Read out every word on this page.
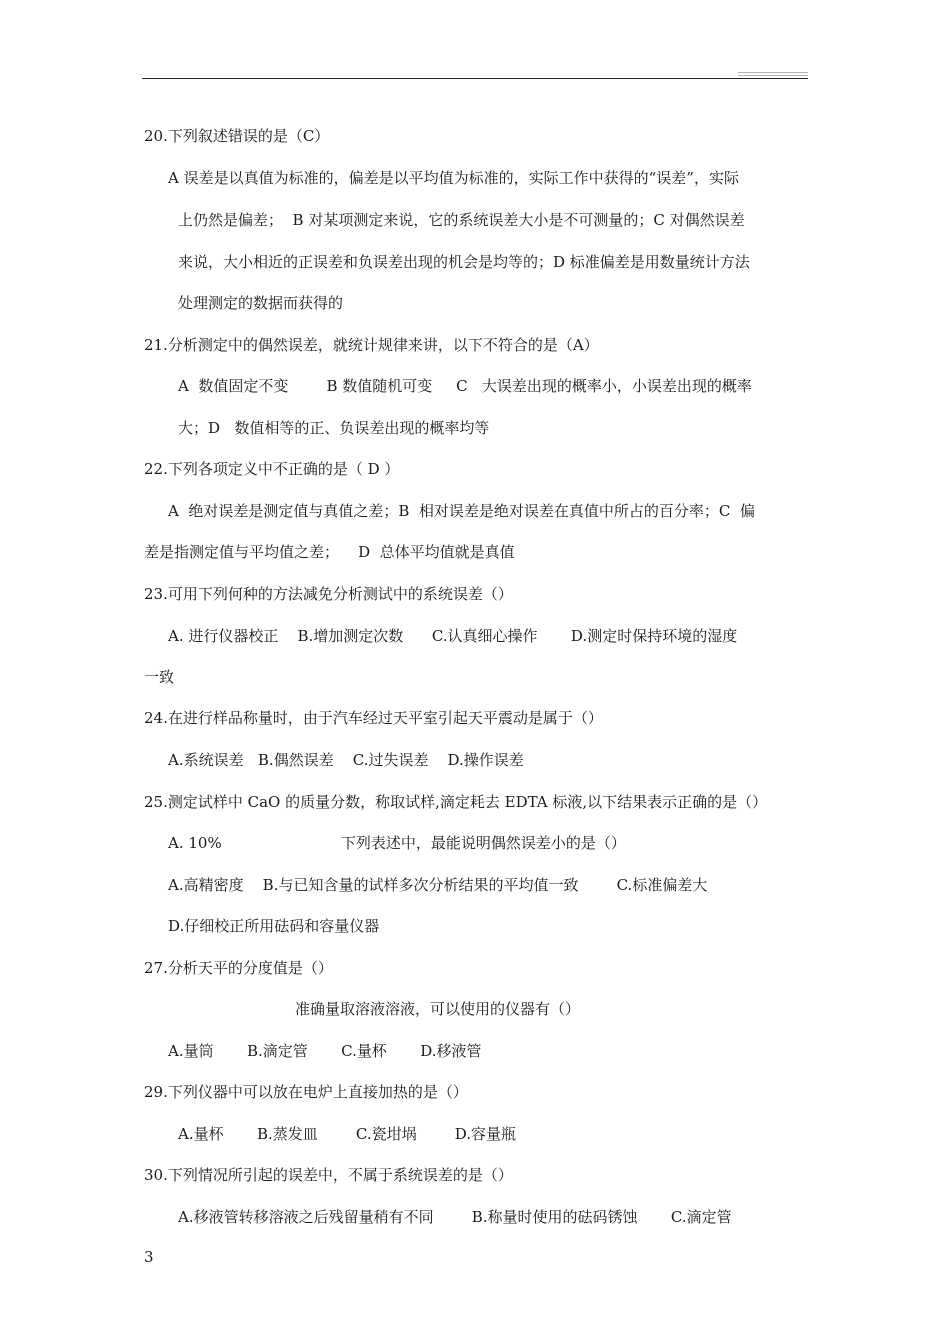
20.下列叙述错误的是（C）
A 误差是以真值为标准的，偏差是以平均值为标准的，实际工作中获得的“误差”，实际
上仍然是偏差；  B 对某项测定来说，它的系统误差大小是不可测量的；C 对偶然误差
来说，大小相近的正误差和负误差出现的机会是均等的；D 标准偏差是用数量统计方法
处理测定的数据而获得的
21.分析测定中的偶然误差，就统计规律来讲，以下不符合的是（A）
A  数值固定不变        B 数值随机可变     C   大误差出现的概率小，小误差出现的概率
大；D   数值相等的正、负误差出现的概率均等
22.下列各项定义中不正确的是（ D ）
A  绝对误差是测定值与真值之差；B  相对误差是绝对误差在真值中所占的百分率；C  偏
差是指测定值与平均值之差；    D  总体平均值就是真值
23.可用下列何种的方法减免分析测试中的系统误差（）
A. 进行仪器校正    B.增加测定次数      C.认真细心操作       D.测定时保持环境的湿度
一致
24.在进行样品称量时，由于汽车经过天平室引起天平震动是属于（）
A.系统误差   B.偶然误差    C.过失误差    D.操作误差
25.测定试样中 CaO 的质量分数，称取试样,滴定耗去 EDTA 标液,以下结果表示正确的是（）
A. 10%                         下列表述中，最能说明偶然误差小的是（）
A.高精密度    B.与已知含量的试样多次分析结果的平均值一致        C.标准偏差大
D.仔细校正所用砝码和容量仪器
27.分析天平的分度值是（）
准确量取溶液溶液，可以使用的仪器有（）
A.量筒       B.滴定管       C.量杯       D.移液管
29.下列仪器中可以放在电炉上直接加热的是（）
A.量杯       B.蒸发皿        C.瓷坩埚        D.容量瓶
30.下列情况所引起的误差中，不属于系统误差的是（）
A.移液管转移溶液之后残留量稍有不同        B.称量时使用的砝码锈蚀       C.滴定管
3
